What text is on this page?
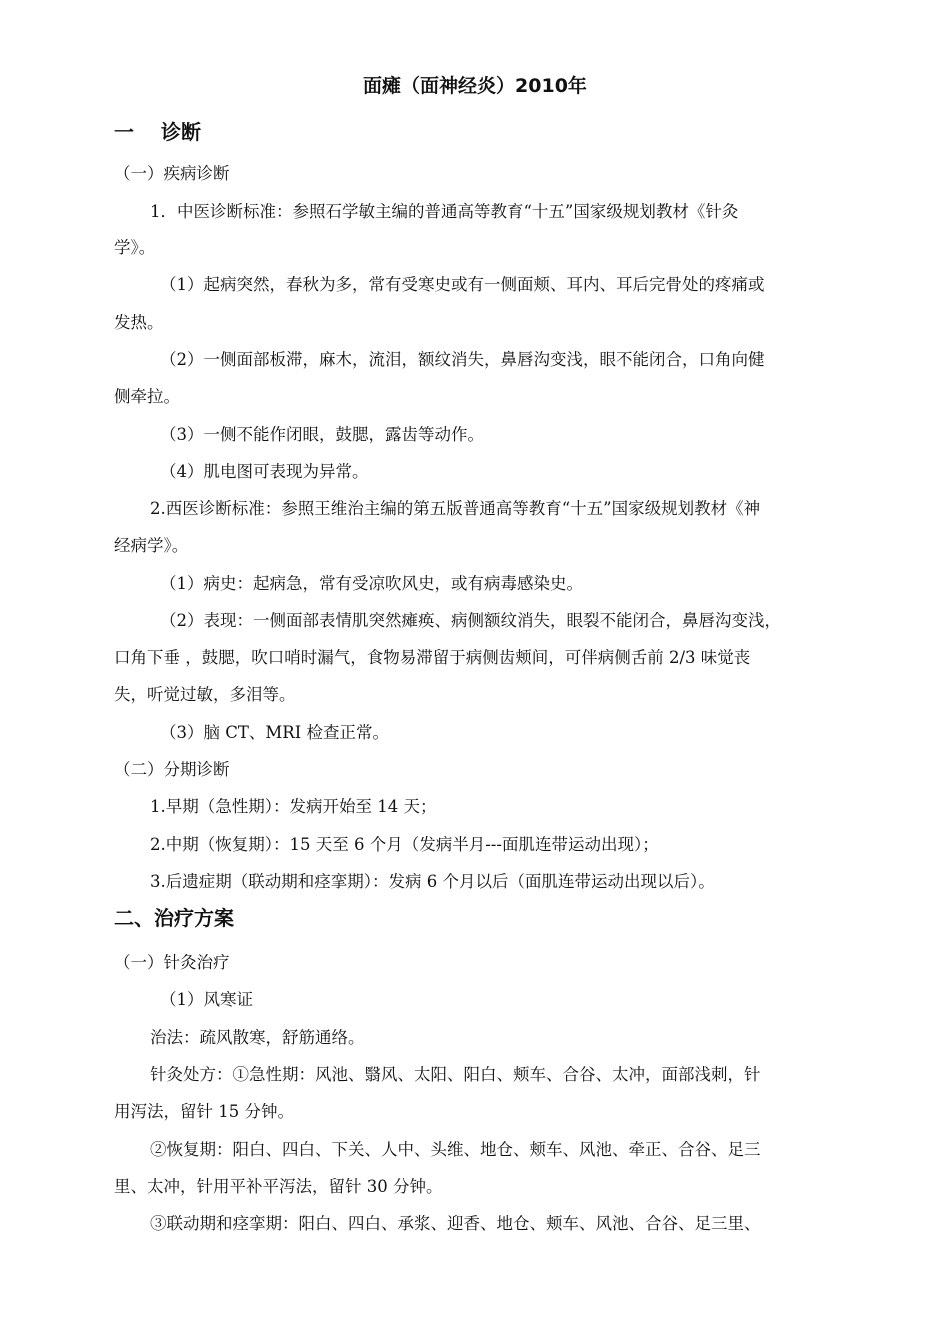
面瘫（面神经炎）2010年
一　 诊断
（一）疾病诊断
1．中医诊断标准：参照石学敏主编的普通高等教育“十五”国家级规划教材《针灸
学》。
（1）起病突然，春秋为多，常有受寒史或有一侧面颊、耳内、耳后完骨处的疼痛或
发热。
（2）一侧面部板滞，麻木，流泪，额纹消失，鼻唇沟变浅，眼不能闭合，口角向健
侧牵拉。
（3）一侧不能作闭眼，鼓腮，露齿等动作。
（4）肌电图可表现为异常。
2.西医诊断标准：参照王维治主编的第五版普通高等教育“十五”国家级规划教材《神
经病学》。
（1）病史：起病急，常有受凉吹风史，或有病毒感染史。
（2）表现：一侧面部表情肌突然瘫痪、病侧额纹消失，眼裂不能闭合，鼻唇沟变浅，
口角下垂 ，鼓腮，吹口哨时漏气，食物易滞留于病侧齿颊间，可伴病侧舌前 2/3 味觉丧
失，听觉过敏，多泪等。
（3）脑 CT、MRI 检查正常。
（二）分期诊断
1.早期（急性期）：发病开始至 14 天；
2.中期（恢复期）：15 天至 6 个月（发病半月---面肌连带运动出现）；
3.后遗症期（联动期和痉挛期）：发病 6 个月以后（面肌连带运动出现以后）。
二、治疗方案
（一）针灸治疗
（1）风寒证
治法：疏风散寒，舒筋通络。
针灸处方：①急性期：风池、翳风、太阳、阳白、颊车、合谷、太冲，面部浅刺，针
用泻法，留针 15 分钟。
②恢复期：阳白、四白、下关、人中、头维、地仓、颊车、风池、牵正、合谷、足三
里、太冲，针用平补平泻法，留针 30 分钟。
③联动期和痉挛期：阳白、四白、承浆、迎香、地仓、颊车、风池、合谷、足三里、
